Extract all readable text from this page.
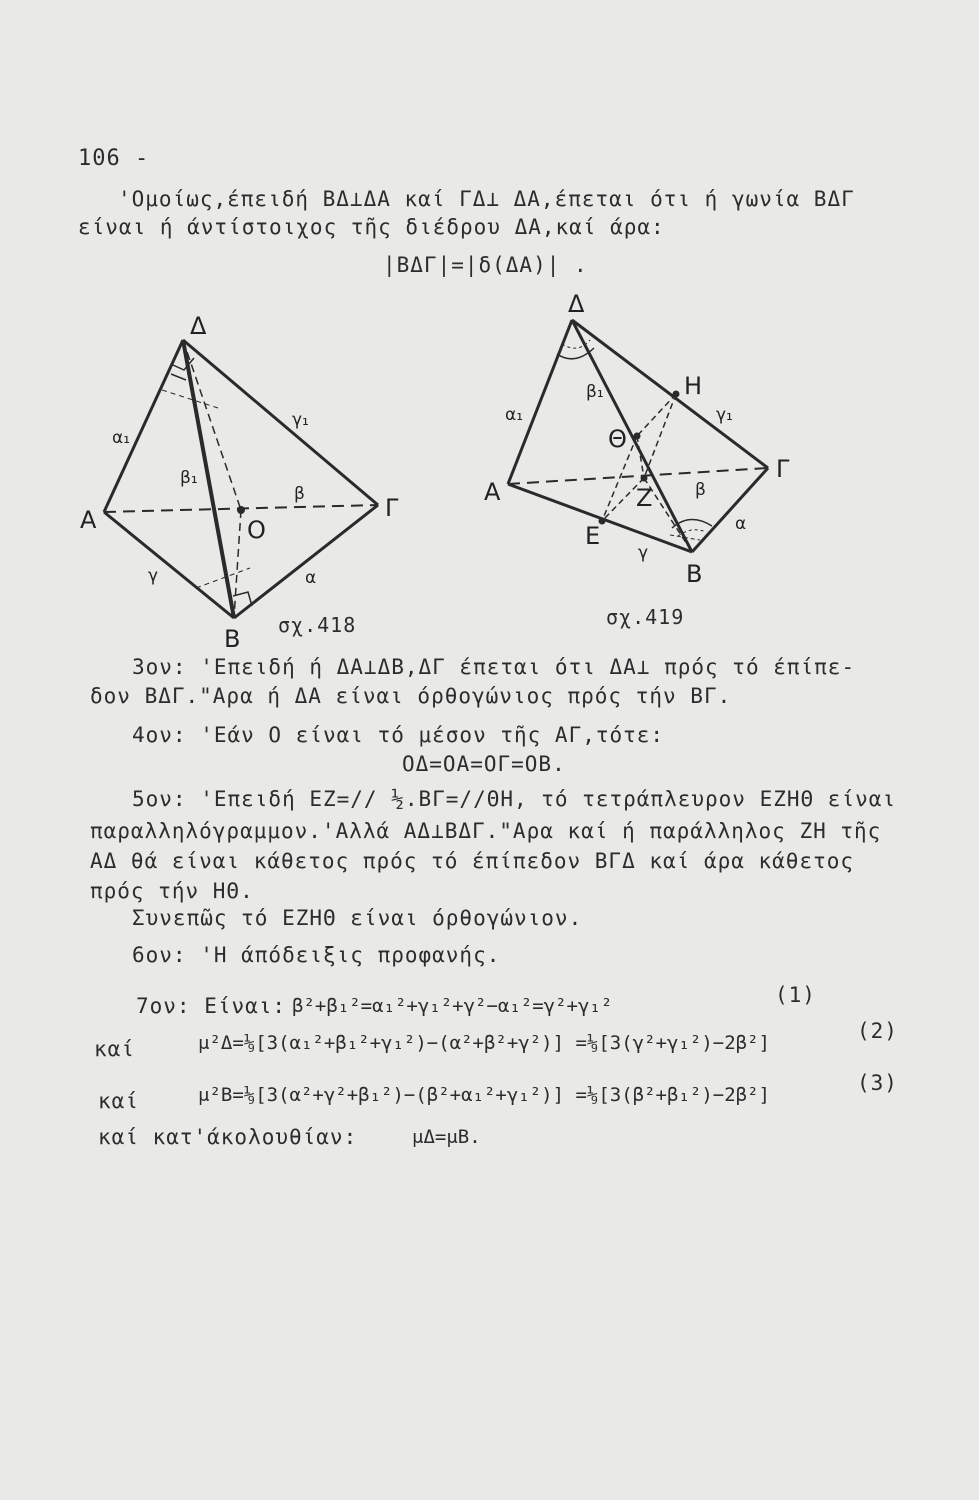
106 -
'Ομοίως,έπειδή ΒΔ⊥ΔΑ καί ΓΔ⊥ ΔΑ,έπεται ότι ή γωνία ΒΔΓ
είναι ή άντίστοιχος τῆς διέδρου ΔΑ,καί άρα:
|ΒΔΓ|=|δ(ΔΑ)| .
Δ
Α	Γ
Β
Ο
α₁
β₁
γ₁
β
γ	α
σχ.418
Δ
Α
Γ
Β
Η
Θ
Ζ
Ε
α₁
β₁
γ₁
β
γ
α
σχ.419
3ον: 'Επειδή ή ΔΑ⊥ΔΒ,ΔΓ έπεται ότι ΔΑ⊥ πρός τό έπίπε-
δον ΒΔΓ."Αρα ή ΔΑ είναι όρθογώνιος πρός τήν ΒΓ.
4ον: 'Εάν Ο είναι τό μέσον τῆς ΑΓ,τότε:
ΟΔ=ΟΑ=ΟΓ=ΟΒ.
5ον: 'Επειδή ΕΖ=// ½.ΒΓ=//ΘΗ, τό τετράπλευρον ΕΖΗΘ είναι
παραλληλόγραμμον.'Αλλά ΑΔ⊥ΒΔΓ."Αρα καί ή παράλληλος ΖΗ τῆς
ΑΔ θά είναι κάθετος πρός τό έπίπεδον ΒΓΔ καί άρα κάθετος
πρός τήν ΗΘ.
Συνεπῶς τό ΕΖΗΘ είναι όρθογώνιον.
6ον: 'Η άπόδειξις προφανής.
7ον: Είναι: β²+β₁²=α₁²+γ₁²+γ²−α₁²=γ²+γ₁²	(1)
καί	μ²Δ=⅑[3(α₁²+β₁²+γ₁²)−(α²+β²+γ²)] =⅑[3(γ²+γ₁²)−2β²]	(2)
καί	μ²Β=⅑[3(α²+γ²+β₁²)−(β²+α₁²+γ₁²)] =⅑[3(β²+β₁²)−2β²]	(3)
καί κατ'άκολουθίαν:	μΔ=μΒ.
